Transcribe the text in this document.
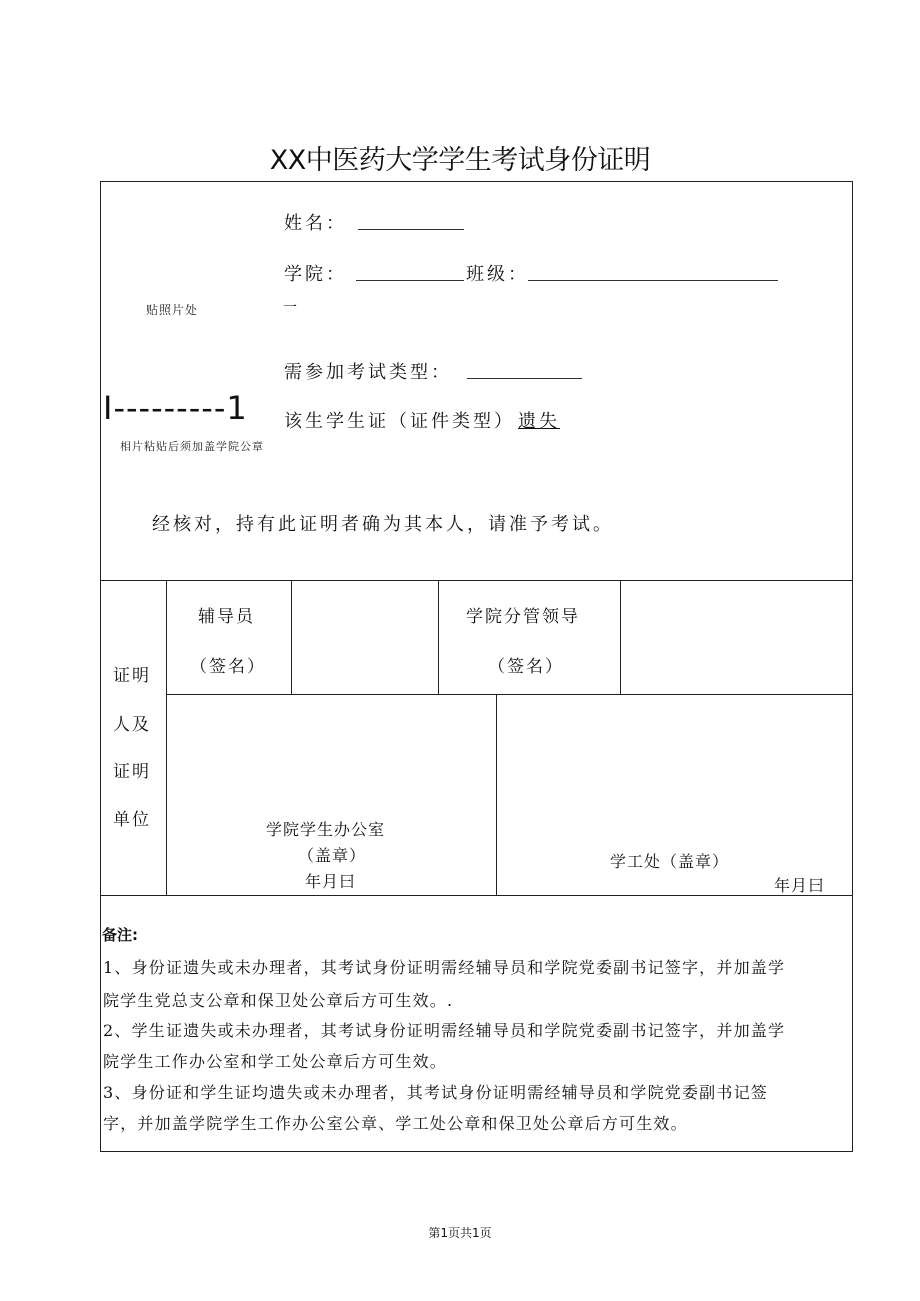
XX中医药大学学生考试身份证明
姓名：
学院：	班级：
贴照片处	一
需参加考试类型：
I---------1 该生学生证（证件类型） 遗失
相片粘贴后须加盖学院公章
经核对，持有此证明者确为其本人，请准予考试。
证明
人及
证明
单位
辅导员
（签名）
学院分管领导
（签名）
学院学生办公室
（盖章）
年月曰
学工处（盖章）
年月曰
备注:
1、身份证遗失或未办理者，其考试身份证明需经辅导员和学院党委副书记签字，并加盖学
院学生党总支公章和保卫处公章后方可生效。.
2、学生证遗失或未办理者，其考试身份证明需经辅导员和学院党委副书记签字，并加盖学
院学生工作办公室和学工处公章后方可生效。
3、身份证和学生证均遗失或未办理者，其考试身份证明需经辅导员和学院党委副书记签
字，并加盖学院学生工作办公室公章、学工处公章和保卫处公章后方可生效。
第1页共1页
